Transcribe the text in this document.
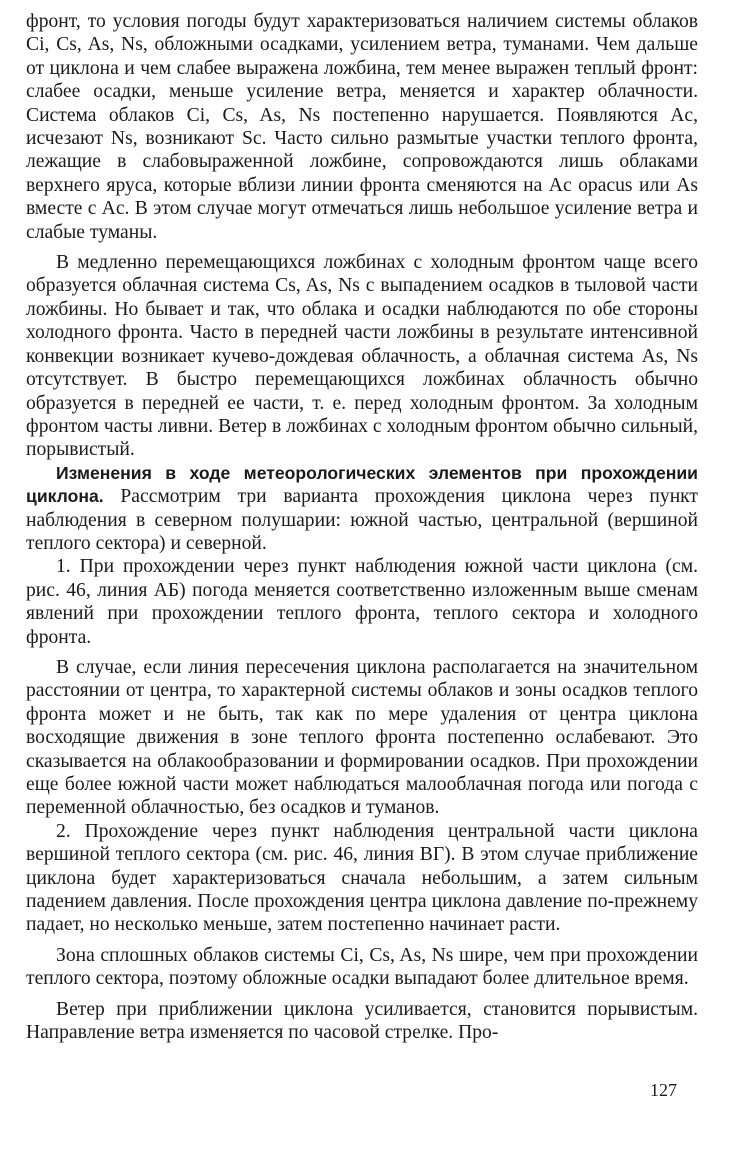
фронт, то условия погоды будут характеризоваться наличием системы облаков Ci, Cs, As, Ns, обложными осадками, усилением ветра, туманами. Чем дальше от циклона и чем слабее выражена ложбина, тем менее выражен теплый фронт: слабее осадки, меньше усиление ветра, меняется и характер облачности. Система облаков Ci, Cs, As, Ns постепенно нарушается. Появляются Ac, исчезают Ns, возникают Sc. Часто сильно размытые участки теплого фронта, лежащие в слабовыраженной ложбине, сопровождаются лишь облаками верхнего яруса, которые вблизи линии фронта сменяются на Ac opacus или As вместе с Ac. В этом случае могут отмечаться лишь небольшое усиление ветра и слабые туманы.

В медленно перемещающихся ложбинах с холодным фронтом чаще всего образуется облачная система Cs, As, Ns с выпадением осадков в тыловой части ложбины. Но бывает и так, что облака и осадки наблюдаются по обе стороны холодного фронта. Часто в передней части ложбины в результате интенсивной конвекции возникает кучево-дождевая облачность, а облачная система As, Ns отсутствует. В быстро перемещающихся ложбинах облачность обычно образуется в передней ее части, т. е. перед холодным фронтом. За холодным фронтом часты ливни. Ветер в ложбинах с холодным фронтом обычно сильный, порывистый.

Изменения в ходе метеорологических элементов при прохождении циклона. Рассмотрим три варианта прохождения циклона через пункт наблюдения в северном полушарии: южной частью, центральной (вершиной теплого сектора) и северной.

1. При прохождении через пункт наблюдения южной части циклона (см. рис. 46, линия АБ) погода меняется соответственно изложенным выше сменам явлений при прохождении теплого фронта, теплого сектора и холодного фронта.

В случае, если линия пересечения циклона располагается на значительном расстоянии от центра, то характерной системы облаков и зоны осадков теплого фронта может и не быть, так как по мере удаления от центра циклона восходящие движения в зоне теплого фронта постепенно ослабевают. Это сказывается на облакообразовании и формировании осадков. При прохождении еще более южной части может наблюдаться малооблачная погода или погода с переменной облачностью, без осадков и туманов.

2. Прохождение через пункт наблюдения центральной части циклона вершиной теплого сектора (см. рис. 46, линия ВГ). В этом случае приближение циклона будет характеризоваться сначала небольшим, а затем сильным падением давления. После прохождения центра циклона давление по-прежнему падает, но несколько меньше, затем постепенно начинает расти.

Зона сплошных облаков системы Ci, Cs, As, Ns шире, чем при прохождении теплого сектора, поэтому обложные осадки выпадают более длительное время.

Ветер при приближении циклона усиливается, становится порывистым. Направление ветра изменяется по часовой стрелке. Про-

127
